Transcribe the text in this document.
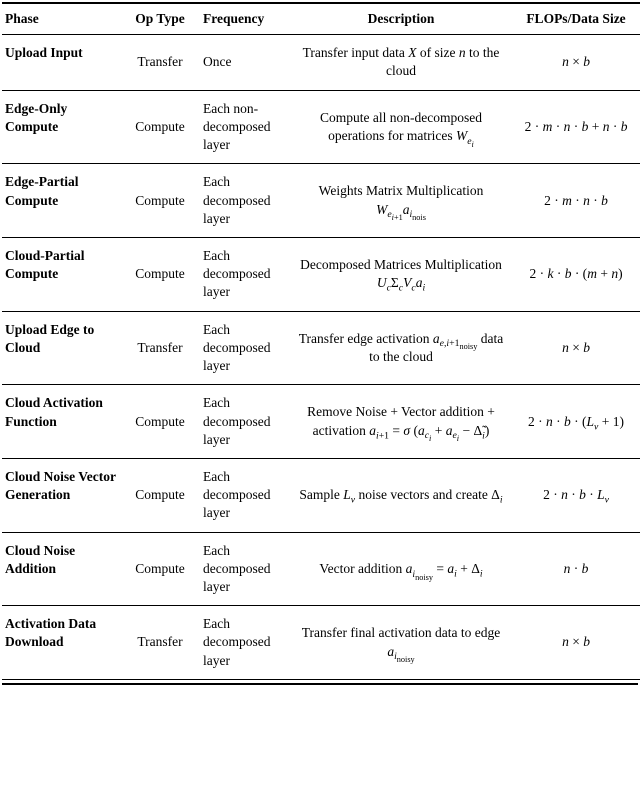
Phase	Op Type	Frequency	Description	FLOPs/Data Size
Upload Input	Transfer	Once	Transfer input data X of size n to the cloud	n × b
Edge-Only Compute	Compute	Each non-decomposed layer	Compute all non-decomposed operations for matrices $W_{e_i}$	2 · m · n · b + n · b
Edge-Partial Compute	Compute	Each decomposed layer	Weights Matrix Multiplication $W_{e_{i+1}}a_{i_{nois}}$	2 · m · n · b
Cloud-Partial Compute	Compute	Each decomposed layer	Decomposed Matrices Multiplication $U_c\Sigma_cV_ca_i$	2 · k · b · (m + n)
Upload Edge to Cloud	Transfer	Each decomposed layer	Transfer edge activation $a_{e,i+1_{noisy}}$ data to the cloud	n × b
Cloud Activation Function	Compute	Each decomposed layer	Remove Noise + Vector addition + activation $a_{i+1} = \sigma$ ($a_{c_i} + a_{e_i}$ − $\Deltã_i$)	$2 \cdot n \cdot b \cdot (L_v + 1)$
Cloud Noise Vector Generation	Compute	Each decomposed layer	Sample $L_v$ noise vectors and create $\Delta_i$	$2 \cdot n \cdot b \cdot L_v$
Cloud Noise Addition	Compute	Each decomposed layer	Vector addition $a_{i_{noisy}} = a_i + \Delta_i$	n · b
Activation Data Download	Transfer	Each decomposed layer	Transfer final activation data to edge $a_{i_{noisy}}$	n × b
